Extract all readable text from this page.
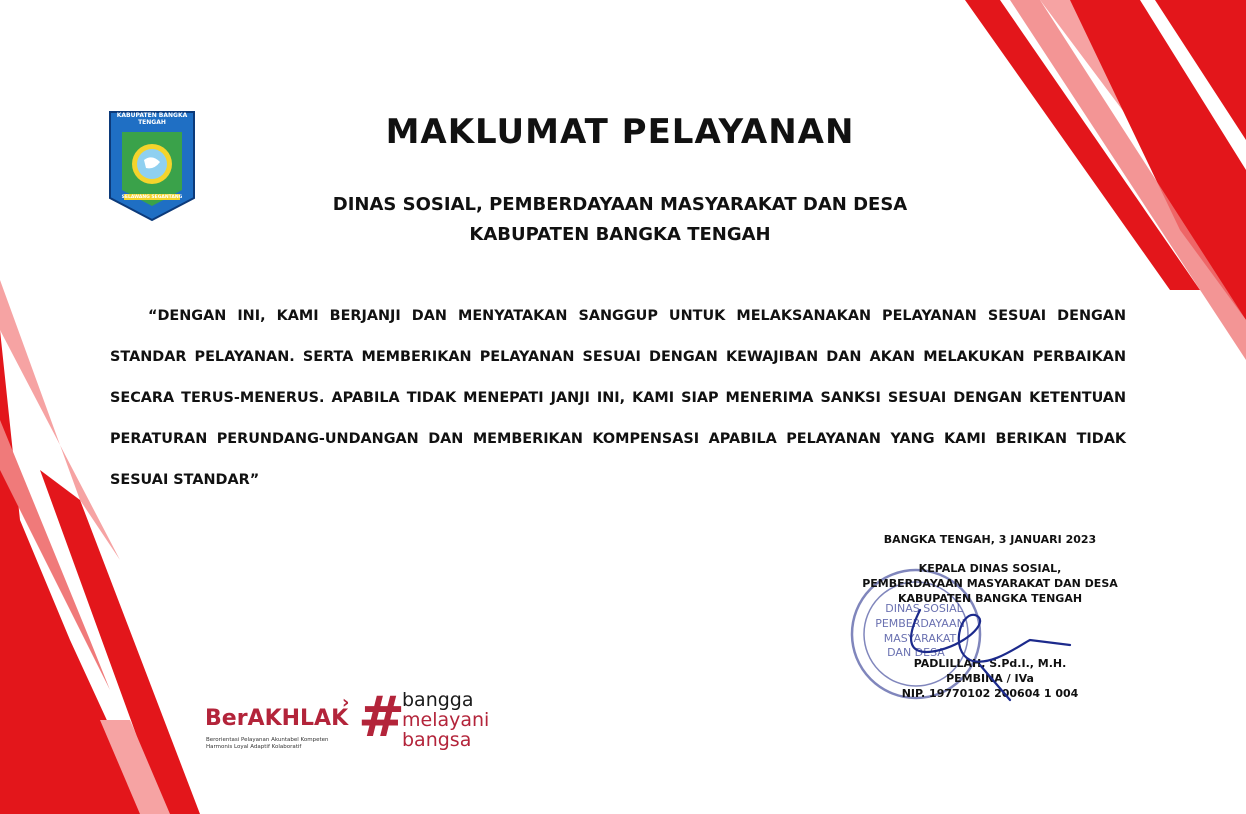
KABUPATEN BANGKA TENGAH
SELAWANG SEGANTANG
MAKLUMAT PELAYANAN
DINAS SOSIAL, PEMBERDAYAAN MASYARAKAT DAN DESA
KABUPATEN BANGKA TENGAH
“DENGAN INI, KAMI BERJANJI DAN MENYATAKAN SANGGUP UNTUK MELAKSANAKAN PELAYANAN SESUAI DENGAN STANDAR PELAYANAN. SERTA MEMBERIKAN PELAYANAN SESUAI DENGAN KEWAJIBAN DAN AKAN MELAKUKAN PERBAIKAN SECARA TERUS-MENERUS. APABILA TIDAK MENEPATI JANJI INI, KAMI SIAP MENERIMA SANKSI SESUAI DENGAN KETENTUAN PERATURAN PERUNDANG-UNDANGAN DAN MEMBERIKAN KOMPENSASI APABILA PELAYANAN YANG KAMI BERIKAN TIDAK SESUAI STANDAR”
DINAS SOSIAL
PEMBERDAYAAN
MASYARAKAT
DAN DESA
BANGKA TENGAH, 3 JANUARI 2023
KEPALA DINAS SOSIAL,
PEMBERDAYAAN MASYARAKAT DAN DESA
KABUPATEN BANGKA TENGAH
PADLILLAH, S.Pd.I., M.H.
PEMBINA / IVa
NIP. 19770102 200604 1 004
BerAKHLAK
›
Berorientasi Pelayanan Akuntabel Kompeten
Harmonis Loyal Adaptif Kolaboratif	#
bangga
melayani
bangsa
